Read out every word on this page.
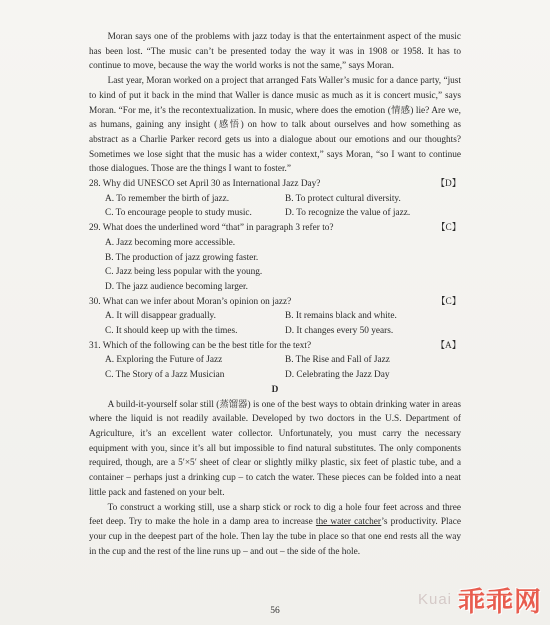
Moran says one of the problems with jazz today is that the entertainment aspect of the music has been lost. “The music can’t be presented today the way it was in 1908 or 1958. It has to continue to move, because the way the world works is not the same,” says Moran.

Last year, Moran worked on a project that arranged Fats Waller’s music for a dance party, “just to kind of put it back in the mind that Waller is dance music as much as it is concert music,” says Moran. “For me, it’s the recontextualization. In music, where does the emotion (情感) lie? Are we, as humans, gaining any insight (感悟) on how to talk about ourselves and how something as abstract as a Charlie Parker record gets us into a dialogue about our emotions and our thoughts? Sometimes we lose sight that the music has a wider context,” says Moran, “so I want to continue those dialogues. Those are the things I want to foster.”

28. Why did UNESCO set April 30 as International Jazz Day?	【D】
A. To remember the birth of jazz.	B. To protect cultural diversity.
C. To encourage people to study music.	D. To recognize the value of jazz.
29. What does the underlined word “that” in paragraph 3 refer to?	【C】
A. Jazz becoming more accessible.
B. The production of jazz growing faster.
C. Jazz being less popular with the young.
D. The jazz audience becoming larger.
30. What can we infer about Moran’s opinion on jazz?	【C】
A. It will disappear gradually.	B. It remains black and white.
C. It should keep up with the times.	D. It changes every 50 years.
31. Which of the following can be the best title for the text?	【A】
A. Exploring the Future of Jazz	B. The Rise and Fall of Jazz
C. The Story of a Jazz Musician	D. Celebrating the Jazz Day
D

A build-it-yourself solar still (蒸馏器) is one of the best ways to obtain drinking water in areas where the liquid is not readily available. Developed by two doctors in the U.S. Department of Agriculture, it’s an excellent water collector. Unfortunately, you must carry the necessary equipment with you, since it’s all but impossible to find natural substitutes. The only components required, though, are a 5′×5′ sheet of clear or slightly milky plastic, six feet of plastic tube, and a container – perhaps just a drinking cup – to catch the water. These pieces can be folded into a neat little pack and fastened on your belt.

To construct a working still, use a sharp stick or rock to dig a hole four feet across and three feet deep. Try to make the hole in a damp area to increase the water catcher’s productivity. Place your cup in the deepest part of the hole. Then lay the tube in place so that one end rests all the way in the cup and the rest of the line runs up – and out – the side of the hole.

56
Kuai 乖乖网
